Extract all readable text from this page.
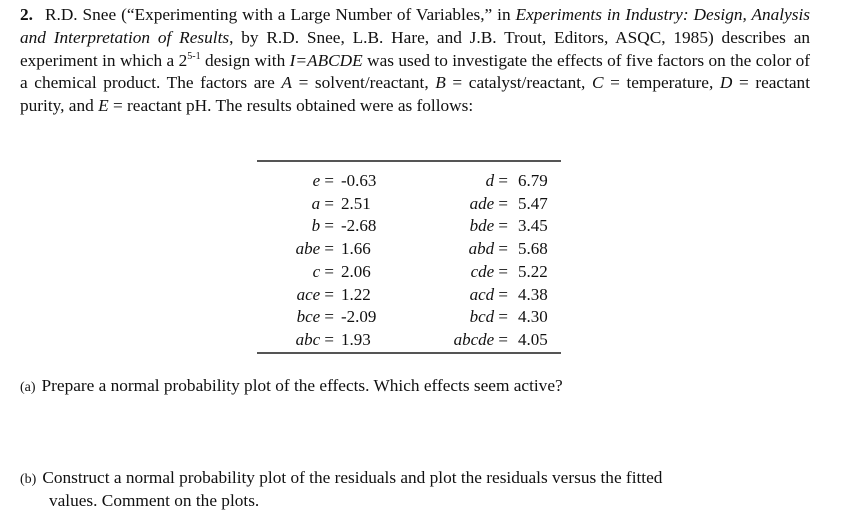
2. R.D. Snee (“Experimenting with a Large Number of Variables,” in Experiments in Industry: Design, Analysis and Interpretation of Results, by R.D. Snee, L.B. Hare, and J.B. Trout, Editors, ASQC, 1985) describes an experiment in which a 2$^{5-1}$ design with I=ABCDE was used to investigate the effects of five factors on the color of a chemical product. The factors are A = solvent/reactant, B = catalyst/reactant, C = temperature, D = reactant purity, and E = reactant pH. The results obtained were as follows:
e = -0.63
a = 2.51
b = -2.68
abe = 1.66
c = 2.06
ace = 1.22
bce = -2.09
abc = 1.93
d = 6.79
ade = 5.47
bde = 3.45
abd = 5.68
cde = 5.22
acd = 4.38
bcd = 4.30
abcde = 4.05
(a) Prepare a normal probability plot of the effects. Which effects seem active?
(b) Construct a normal probability plot of the residuals and plot the residuals versus the fitted
values. Comment on the plots.
